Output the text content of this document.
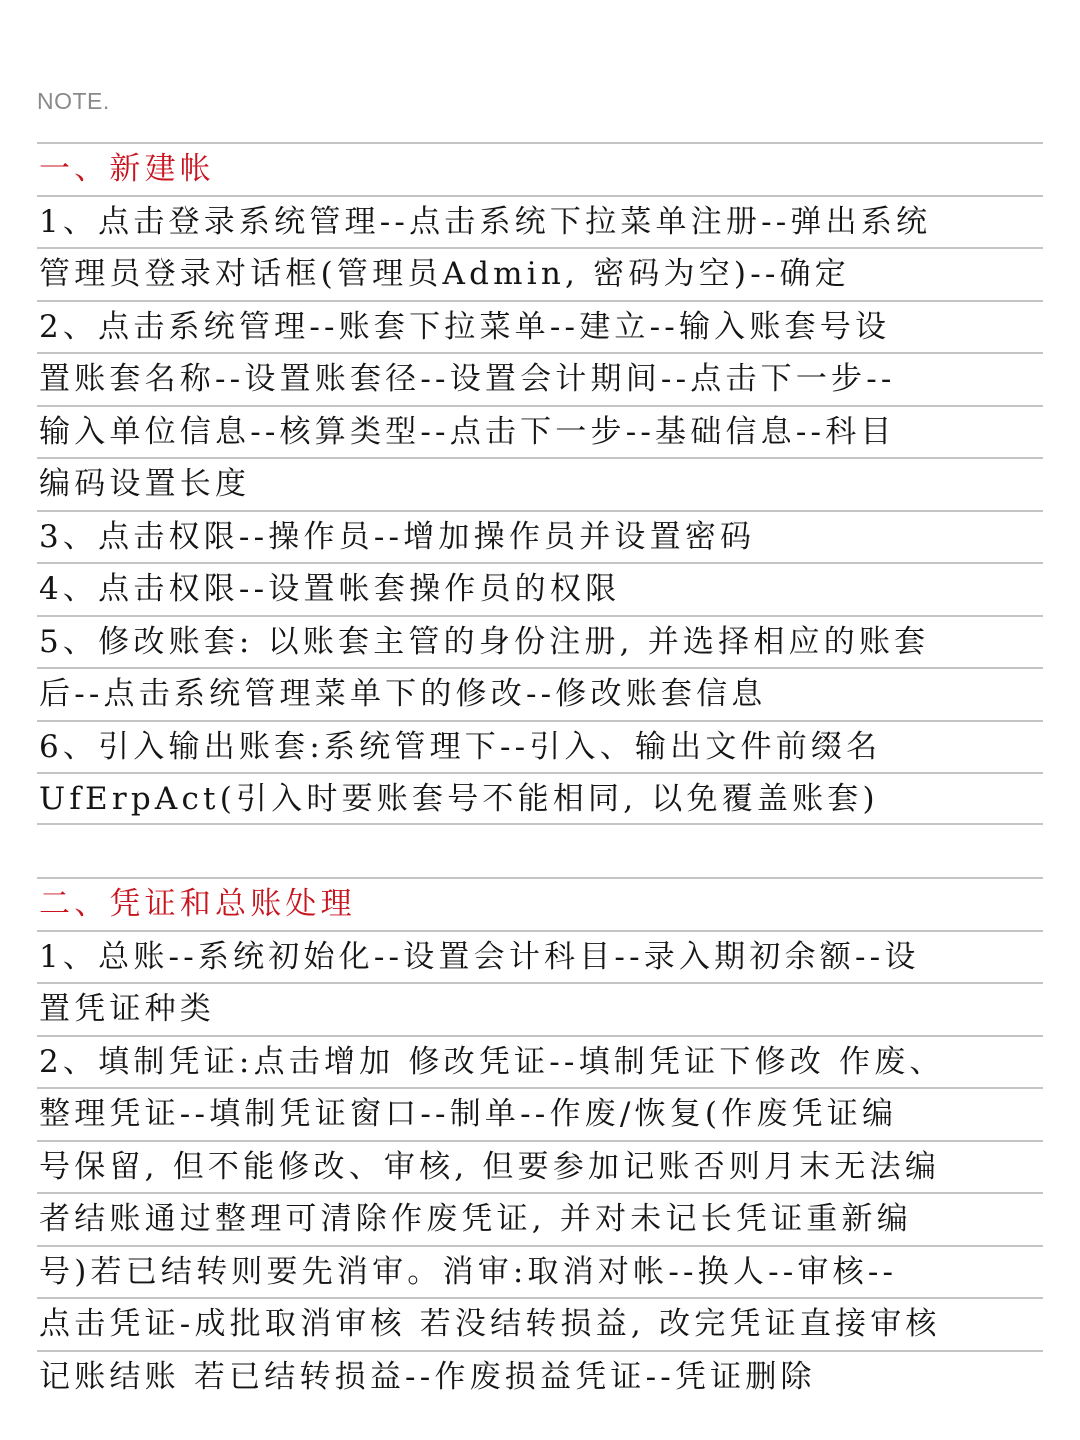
NOTE.
一、新建帐
1、点击登录系统管理--点击系统下拉菜单注册--弹出系统
管理员登录对话框(管理员Admin, 密码为空)--确定
2、点击系统管理--账套下拉菜单--建立--输入账套号设
置账套名称--设置账套径--设置会计期间--点击下一步--
输入单位信息--核算类型--点击下一步--基础信息--科目
编码设置长度
3、点击权限--操作员--增加操作员并设置密码
4、点击权限--设置帐套操作员的权限
5、修改账套: 以账套主管的身份注册, 并选择相应的账套
后--点击系统管理菜单下的修改--修改账套信息
6、引入输出账套:系统管理下--引入、输出文件前缀名
UfErpAct(引入时要账套号不能相同, 以免覆盖账套)
二、凭证和总账处理
1、总账--系统初始化--设置会计科目--录入期初余额--设
置凭证种类
2、填制凭证:点击增加 修改凭证--填制凭证下修改 作废、
整理凭证--填制凭证窗口--制单--作废/恢复(作废凭证编
号保留, 但不能修改、审核, 但要参加记账否则月末无法编
者结账通过整理可清除作废凭证, 并对未记长凭证重新编
号)若已结转则要先消审。消审:取消对帐--换人--审核--
点击凭证-成批取消审核 若没结转损益, 改完凭证直接审核
记账结账 若已结转损益--作废损益凭证--凭证删除
